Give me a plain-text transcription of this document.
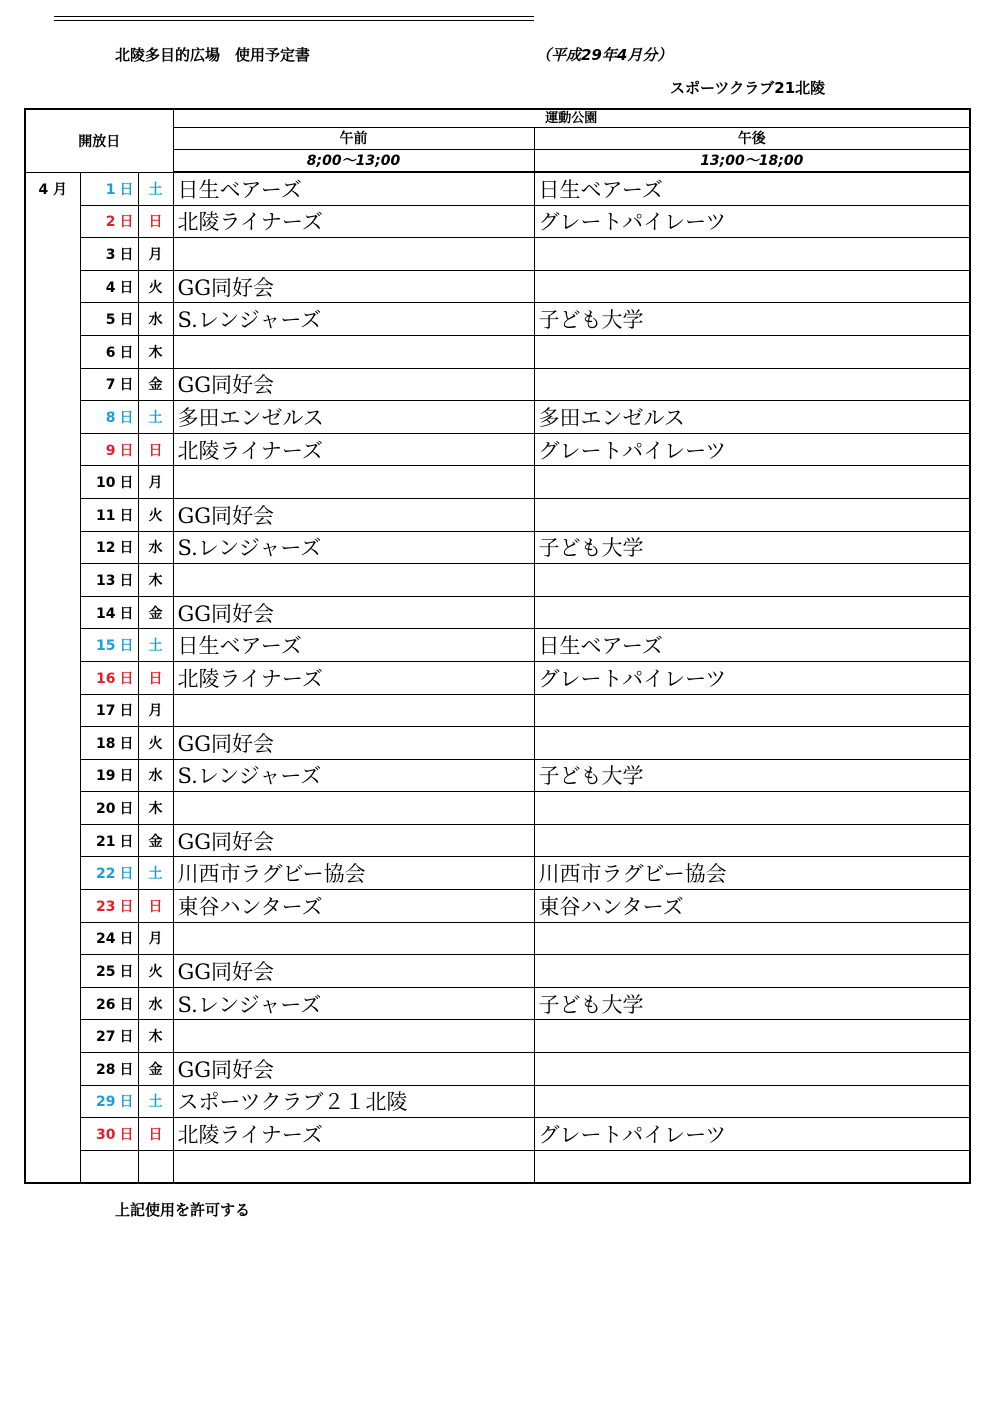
北陵多目的広場　使用予定書	（平成29年4月分）
スポーツクラブ21北陵
開放日			運動公園	
			午前	午後
			8;00～13;00	13;00～18;00
4 月	1 日	土	日生ベアーズ	日生ベアーズ
	2 日	日	北陵ライナーズ	グレートパイレーツ
	3 日	月		
	4 日	火	GG同好会	
	5 日	水	S.レンジャーズ	子ども大学
	6 日	木		
	7 日	金	GG同好会	
	8 日	土	多田エンゼルス	多田エンゼルス
	9 日	日	北陵ライナーズ	グレートパイレーツ
	10 日	月		
	11 日	火	GG同好会	
	12 日	水	S.レンジャーズ	子ども大学
	13 日	木		
	14 日	金	GG同好会	
	15 日	土	日生ベアーズ	日生ベアーズ
	16 日	日	北陵ライナーズ	グレートパイレーツ
	17 日	月		
	18 日	火	GG同好会	
	19 日	水	S.レンジャーズ	子ども大学
	20 日	木		
	21 日	金	GG同好会	
	22 日	土	川西市ラグビー協会	川西市ラグビー協会
	23 日	日	東谷ハンターズ	東谷ハンターズ
	24 日	月		
	25 日	火	GG同好会	
	26 日	水	S.レンジャーズ	子ども大学
	27 日	木		
	28 日	金	GG同好会	
	29 日	土	スポーツクラブ２１北陵	
	30 日	日	北陵ライナーズ	グレートパイレーツ

上記使用を許可する
